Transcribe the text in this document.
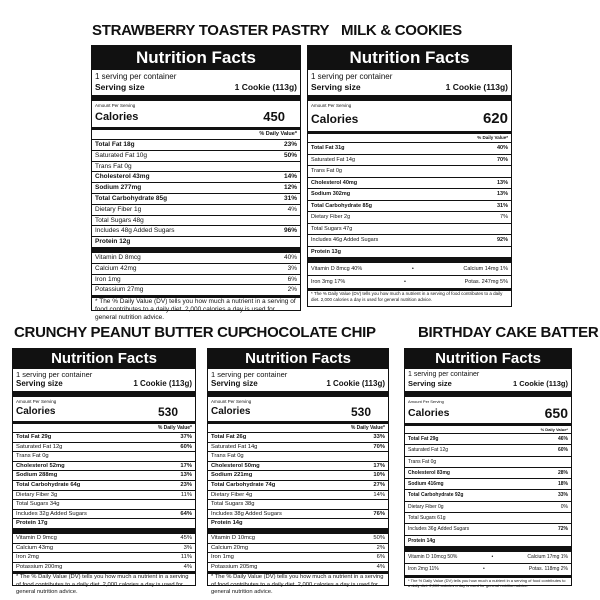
STRAWBERRY TOASTER PASTRY
Nutrition Facts
1 serving per container
Serving size	1 Cookie (113g)
Amount Per Serving
Calories	450
% Daily Value*
Total Fat 18g	23%
Saturated Fat 10g	50%
Trans Fat 0g
Cholesterol 43mg	14%
Sodium 277mg	12%
Total Carbohydrate 85g	31%
Dietary Fiber 1g	4%
Total Sugars 48g
Includes 48g Added Sugars	96%
Protein 12g
Vitamin D 8mcg	40%
Calcium 42mg	3%
Iron 1mg	6%
Potassium 27mg	2%
* The % Daily Value (DV) tells you how much a nutrient in a serving of food contributes to a daily diet. 2,000 calories a day is used for general nutrition advice.
MILK & COOKIES
Nutrition Facts
1 serving per container
Serving size	1 Cookie (113g)
Amount Per Serving
Calories	620
% Daily Value*
Total Fat 31g	40%
Saturated Fat 14g	70%
Trans Fat 0g
Cholesterol 40mg	13%
Sodium 302mg	13%
Total Carbohydrate 85g	31%
Dietary Fiber 2g	7%
Total Sugars 47g
Includes 46g Added Sugars	92%
Protein 13g
Vitamin D 8mcg 40%	•	Calcium 14mg 1%
Iron 3mg 17%	•	Potas. 247mg 5%
* The % Daily Value (DV) tells you how much a nutrient in a serving of food contributes to a daily diet. 2,000 calories a day is used for general nutrition advice.
CRUNCHY PEANUT BUTTER CUP
Nutrition Facts
1 serving per container
Serving size	1 Cookie (113g)
Amount Per Serving
Calories	530
% Daily Value*
Total Fat 29g	37%
Saturated Fat 12g	60%
Trans Fat 0g
Cholesterol 52mg	17%
Sodium 288mg	13%
Total Carbohydrate 64g	23%
Dietary Fiber 3g	11%
Total Sugars 34g
Includes 32g Added Sugars	64%
Protein 17g
Vitamin D 9mcg	45%
Calcium 43mg	3%
Iron 2mg	11%
Potassium 200mg	4%
* The % Daily Value (DV) tells you how much a nutrient in a serving of food contributes to a daily diet. 2,000 calories a day is used for general nutrition advice.
CHOCOLATE CHIP
Nutrition Facts
1 serving per container
Serving size	1 Cookie (113g)
Amount Per Serving
Calories	530
% Daily Value*
Total Fat 26g	33%
Saturated Fat 14g	70%
Trans Fat 0g
Cholesterol 50mg	17%
Sodium 221mg	10%
Total Carbohydrate 74g	27%
Dietary Fiber 4g	14%
Total Sugars 38g
Includes 38g Added Sugars	76%
Protein 14g
Vitamin D 10mcg	50%
Calcium 20mg	2%
Iron 1mg	6%
Potassium 205mg	4%
* The % Daily Value (DV) tells you how much a nutrient in a serving of food contributes to a daily diet. 2,000 calories a day is used for general nutrition advice.
BIRTHDAY CAKE BATTER
Nutrition Facts
1 serving per container
Serving size	1 Cookie (113g)
Amount Per Serving
Calories	650
% Daily Value*
Total Fat 29g	46%
Saturated Fat 12g	60%
Trans Fat 0g
Cholesterol 83mg	28%
Sodium 416mg	18%
Total Carbohydrate 92g	33%
Dietary Fiber 0g	0%
Total Sugars 61g
Includes 36g Added Sugars	72%
Protein 14g
Vitamin D 10mcg 50%	•	Calcium 17mg 1%
Iron 2mg 11%	•	Potas. 118mg 2%
* The % Daily Value (DV) tells you how much a nutrient in a serving of food contributes to a daily diet. 2,000 calories a day is used for general nutrition advice.
